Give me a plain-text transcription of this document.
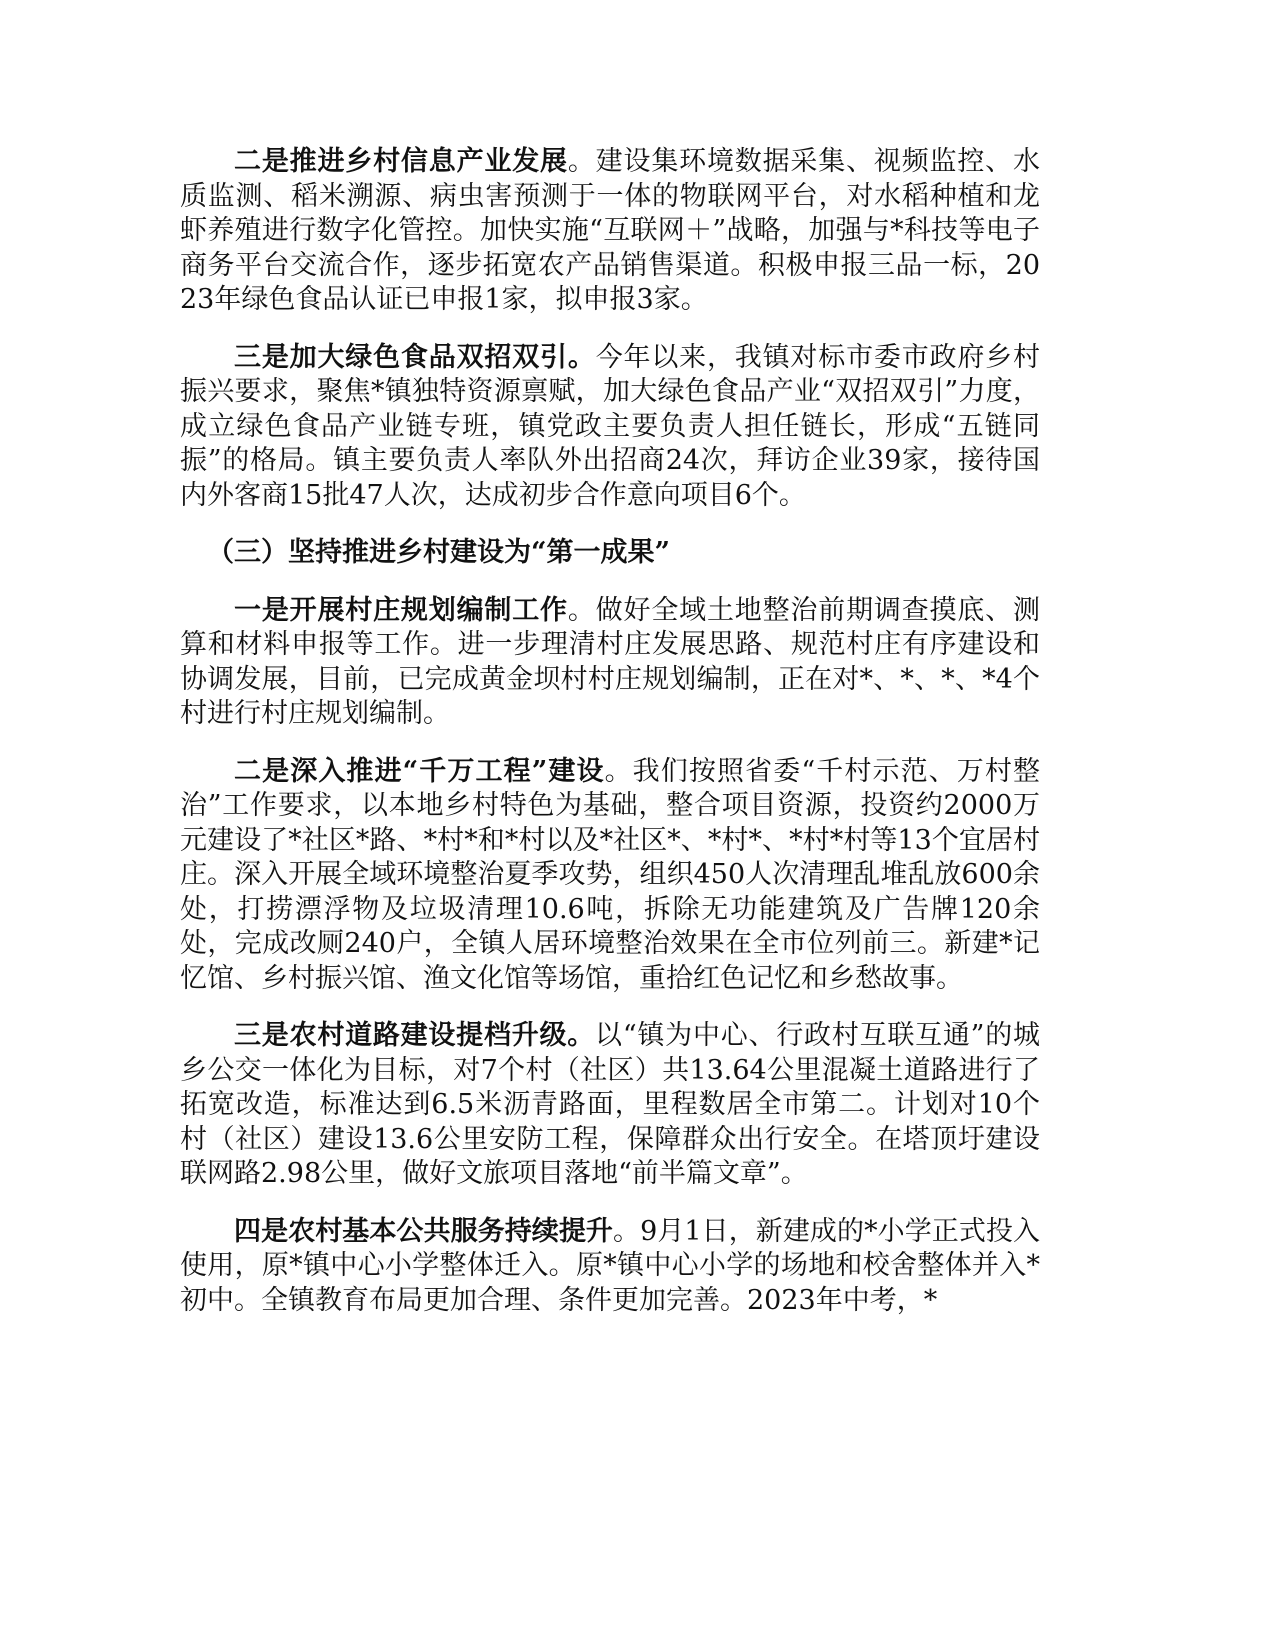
二是推进乡村信息产业发展。建设集环境数据采集、视频监控、水质监测、稻米溯源、病虫害预测于一体的物联网平台，对水稻种植和龙虾养殖进行数字化管控。加快实施“互联网＋”战略，加强与*科技等电子商务平台交流合作，逐步拓宽农产品销售渠道。积极申报三品一标，2023年绿色食品认证已申报1家，拟申报3家。

三是加大绿色食品双招双引。今年以来，我镇对标市委市政府乡村振兴要求，聚焦*镇独特资源禀赋，加大绿色食品产业“双招双引”力度，成立绿色食品产业链专班，镇党政主要负责人担任链长，形成“五链同振”的格局。镇主要负责人率队外出招商24次，拜访企业39家，接待国内外客商15批47人次，达成初步合作意向项目6个。

（三）坚持推进乡村建设为“第一成果”

一是开展村庄规划编制工作。做好全域土地整治前期调查摸底、测算和材料申报等工作。进一步理清村庄发展思路、规范村庄有序建设和协调发展，目前，已完成黄金坝村村庄规划编制，正在对*、*、*、*4个村进行村庄规划编制。

二是深入推进“千万工程”建设。我们按照省委“千村示范、万村整治”工作要求，以本地乡村特色为基础，整合项目资源，投资约2000万元建设了*社区*路、*村*和*村以及*社区*、*村*、*村*村等13个宜居村庄。深入开展全域环境整治夏季攻势，组织450人次清理乱堆乱放600余处，打捞漂浮物及垃圾清理10.6吨，拆除无功能建筑及广告牌120余处，完成改厕240户，全镇人居环境整治效果在全市位列前三。新建*记忆馆、乡村振兴馆、渔文化馆等场馆，重拾红色记忆和乡愁故事。

三是农村道路建设提档升级。以“镇为中心、行政村互联互通”的城乡公交一体化为目标，对7个村（社区）共13.64公里混凝土道路进行了拓宽改造，标准达到6.5米沥青路面，里程数居全市第二。计划对10个村（社区）建设13.6公里安防工程，保障群众出行安全。在塔顶圩建设联网路2.98公里，做好文旅项目落地“前半篇文章”。

四是农村基本公共服务持续提升。9月1日，新建成的*小学正式投入使用，原*镇中心小学整体迁入。原*镇中心小学的场地和校舍整体并入*初中。全镇教育布局更加合理、条件更加完善。2023年中考，*
